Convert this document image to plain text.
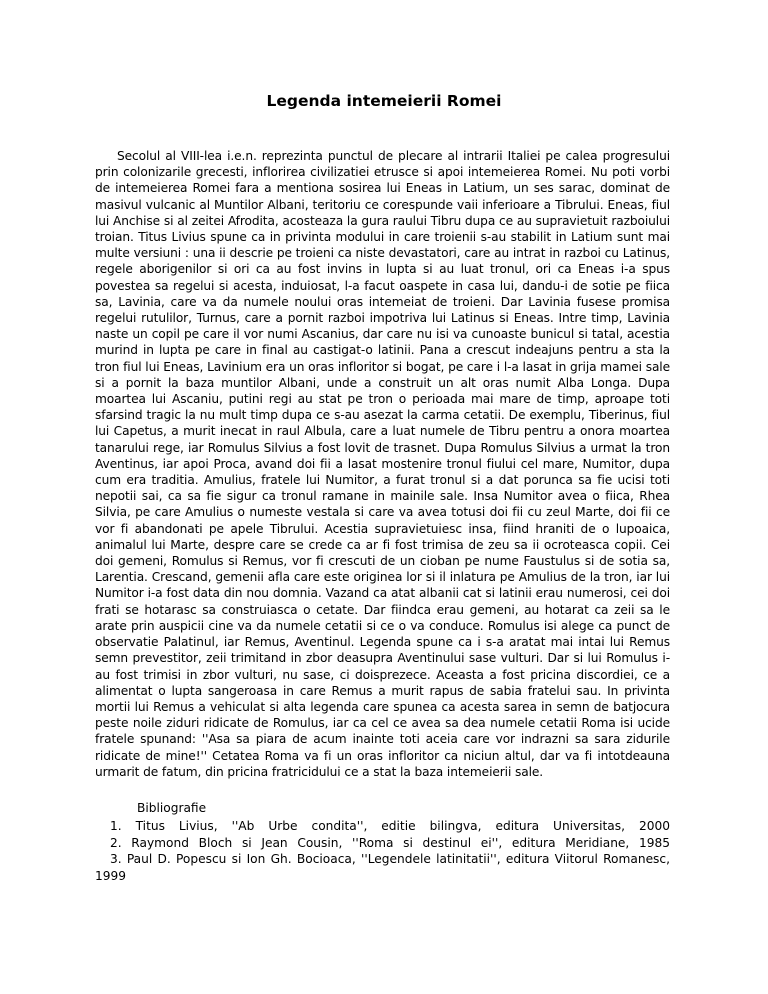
Legenda intemeierii Romei

Secolul al VIII-lea i.e.n. reprezinta punctul de plecare al intrarii Italiei pe calea progresului prin colonizarile grecesti, inflorirea civilizatiei etrusce si apoi intemeierea Romei. Nu poti vorbi de intemeierea Romei fara a mentiona sosirea lui Eneas in Latium, un ses sarac, dominat de masivul vulcanic al Muntilor Albani, teritoriu ce corespunde vaii inferioare a Tibrului. Eneas, fiul lui Anchise si al zeitei Afrodita, acosteaza la gura raului Tibru dupa ce au supravietuit razboiului troian. Titus Livius spune ca in privinta modului in care troienii s-au stabilit in Latium sunt mai multe versiuni : una ii descrie pe troieni ca niste devastatori, care au intrat in razboi cu Latinus, regele aborigenilor si ori ca au fost invins in lupta si au luat tronul, ori ca Eneas i-a spus povestea sa regelui si acesta, induiosat, l-a facut oaspete in casa lui, dandu-i de sotie pe fiica sa, Lavinia, care va da numele noului oras intemeiat de troieni. Dar Lavinia fusese promisa regelui rutulilor, Turnus, care a pornit razboi impotriva lui Latinus si Eneas. Intre timp, Lavinia naste un copil pe care il vor numi Ascanius, dar care nu isi va cunoaste bunicul si tatal, acestia murind in lupta pe care in final au castigat-o latinii. Pana a crescut indeajuns pentru a sta la tron fiul lui Eneas, Lavinium era un oras infloritor si bogat, pe care i l-a lasat in grija mamei sale si a pornit la baza muntilor Albani, unde a construit un alt oras numit Alba Longa. Dupa moartea lui Ascaniu, putini regi au stat pe tron o perioada mai mare de timp, aproape toti sfarsind tragic la nu mult timp dupa ce s-au asezat la carma cetatii. De exemplu, Tiberinus, fiul lui Capetus, a murit inecat in raul Albula, care a luat numele de Tibru pentru a onora moartea tanarului rege, iar Romulus Silvius a fost lovit de trasnet. Dupa Romulus Silvius a urmat la tron Aventinus, iar apoi Proca, avand doi fii a lasat mostenire tronul fiului cel mare, Numitor, dupa cum era traditia. Amulius, fratele lui Numitor, a furat tronul si a dat porunca sa fie ucisi toti nepotii sai, ca sa fie sigur ca tronul ramane in mainile sale. Insa Numitor avea o fiica, Rhea Silvia, pe care Amulius o numeste vestala si care va avea totusi doi fii cu zeul Marte, doi fii ce vor fi abandonati pe apele Tibrului. Acestia supravietuiesc insa, fiind hraniti de o lupoaica, animalul lui Marte, despre care se crede ca ar fi fost trimisa de zeu sa ii ocroteasca copii. Cei doi gemeni, Romulus si Remus, vor fi crescuti de un cioban pe nume Faustulus si de sotia sa, Larentia. Crescand, gemenii afla care este originea lor si il inlatura pe Amulius de la tron, iar lui Numitor i-a fost data din nou domnia. Vazand ca atat albanii cat si latinii erau numerosi, cei doi frati se hotarasc sa construiasca o cetate. Dar fiindca erau gemeni, au hotarat ca zeii sa le arate prin auspicii cine va da numele cetatii si ce o va conduce. Romulus isi alege ca punct de observatie Palatinul, iar Remus, Aventinul. Legenda spune ca i s-a aratat mai intai lui Remus semn prevestitor, zeii trimitand in zbor deasupra Aventinului sase vulturi. Dar si lui Romulus i-au fost trimisi in zbor vulturi, nu sase, ci doisprezece. Aceasta a fost pricina discordiei, ce a alimentat o lupta sangeroasa in care Remus a murit rapus de sabia fratelui sau. In privinta mortii lui Remus a vehiculat si alta legenda care spunea ca acesta sarea in semn de batjocura peste noile ziduri ridicate de Romulus, iar ca cel ce avea sa dea numele cetatii Roma isi ucide fratele spunand: ''Asa sa piara de acum inainte toti aceia care vor indrazni sa sara zidurile ridicate de mine!'' Cetatea Roma va fi un oras infloritor ca niciun altul, dar va fi intotdeauna urmarit de fatum, din pricina fratricidului ce a stat la baza intemeierii sale.

Bibliografie

1. Titus Livius, ''Ab Urbe condita'', editie bilingva, editura Universitas, 2000
2. Raymond Bloch si Jean Cousin, ''Roma si destinul ei'', editura Meridiane, 1985
3. Paul D. Popescu si Ion Gh. Bocioaca, ''Legendele latinitatii'', editura Viitorul Romanesc, 1999
